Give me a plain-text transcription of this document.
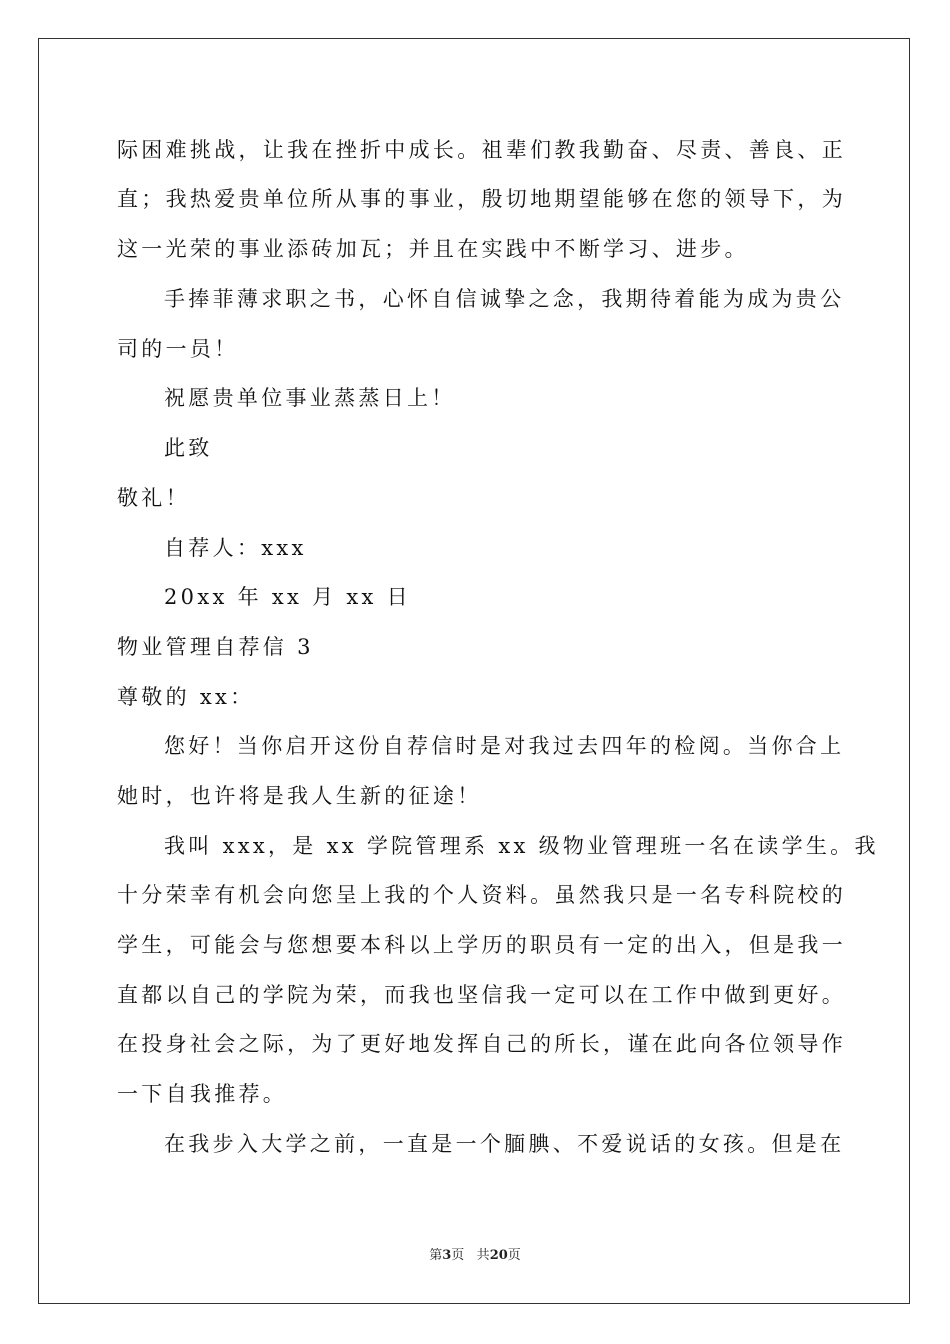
际困难挑战，让我在挫折中成长。祖辈们教我勤奋、尽责、善良、正
直；我热爱贵单位所从事的事业，殷切地期望能够在您的领导下，为
这一光荣的事业添砖加瓦；并且在实践中不断学习、进步。
手捧菲薄求职之书，心怀自信诚挚之念，我期待着能为成为贵公
司的一员！
祝愿贵单位事业蒸蒸日上！
此致
敬礼！
自荐人：xxx
20xx 年 xx 月 xx 日
物业管理自荐信 3
尊敬的 xx：
您好！当你启开这份自荐信时是对我过去四年的检阅。当你合上
她时，也许将是我人生新的征途！
我叫 xxx，是 xx 学院管理系 xx 级物业管理班一名在读学生。我
十分荣幸有机会向您呈上我的个人资料。虽然我只是一名专科院校的
学生，可能会与您想要本科以上学历的职员有一定的出入，但是我一
直都以自己的学院为荣，而我也坚信我一定可以在工作中做到更好。
在投身社会之际，为了更好地发挥自己的所长，谨在此向各位领导作
一下自我推荐。
在我步入大学之前，一直是一个腼腆、不爱说话的女孩。但是在
第3页 共20页
